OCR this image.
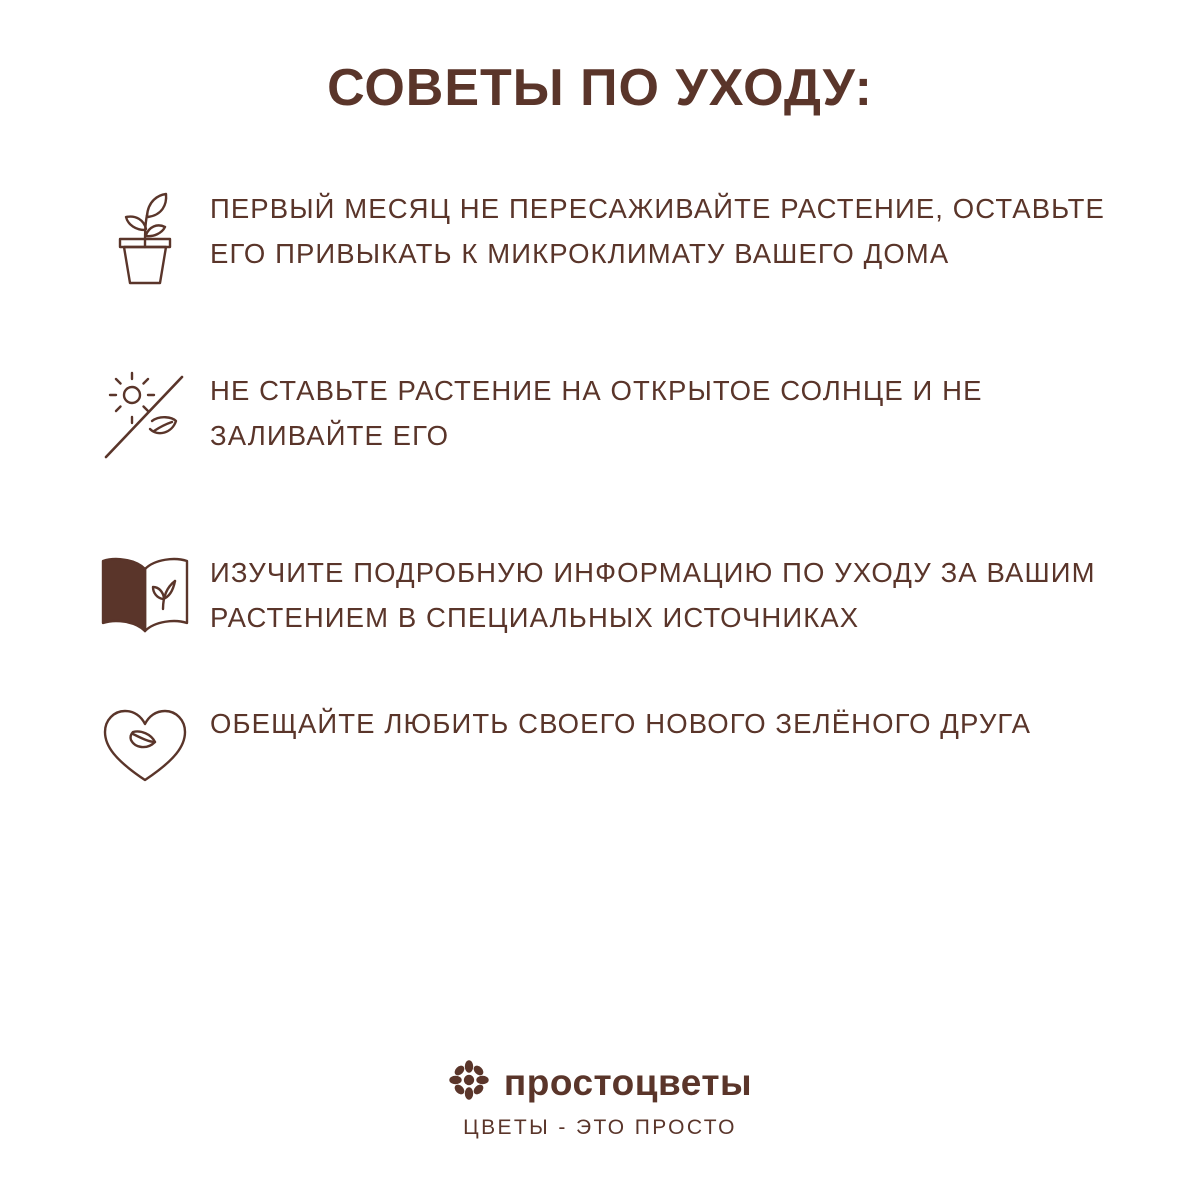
СОВЕТЫ ПО УХОДУ:
ПЕРВЫЙ МЕСЯЦ НЕ ПЕРЕСАЖИВАЙТЕ РАСТЕНИЕ, ОСТАВЬТЕ ЕГО ПРИВЫКАТЬ К МИКРОКЛИМАТУ ВАШЕГО ДОМА
НЕ СТАВЬТЕ РАСТЕНИЕ НА ОТКРЫТОЕ СОЛНЦЕ И НЕ ЗАЛИВАЙТЕ ЕГО
ИЗУЧИТЕ ПОДРОБНУЮ ИНФОРМАЦИЮ ПО УХОДУ ЗА ВАШИМ РАСТЕНИЕМ В СПЕЦИАЛЬНЫХ ИСТОЧНИКАХ
ОБЕЩАЙТЕ ЛЮБИТЬ СВОЕГО НОВОГО ЗЕЛЁНОГО ДРУГА
простоцветы
ЦВЕТЫ - ЭТО ПРОСТО
